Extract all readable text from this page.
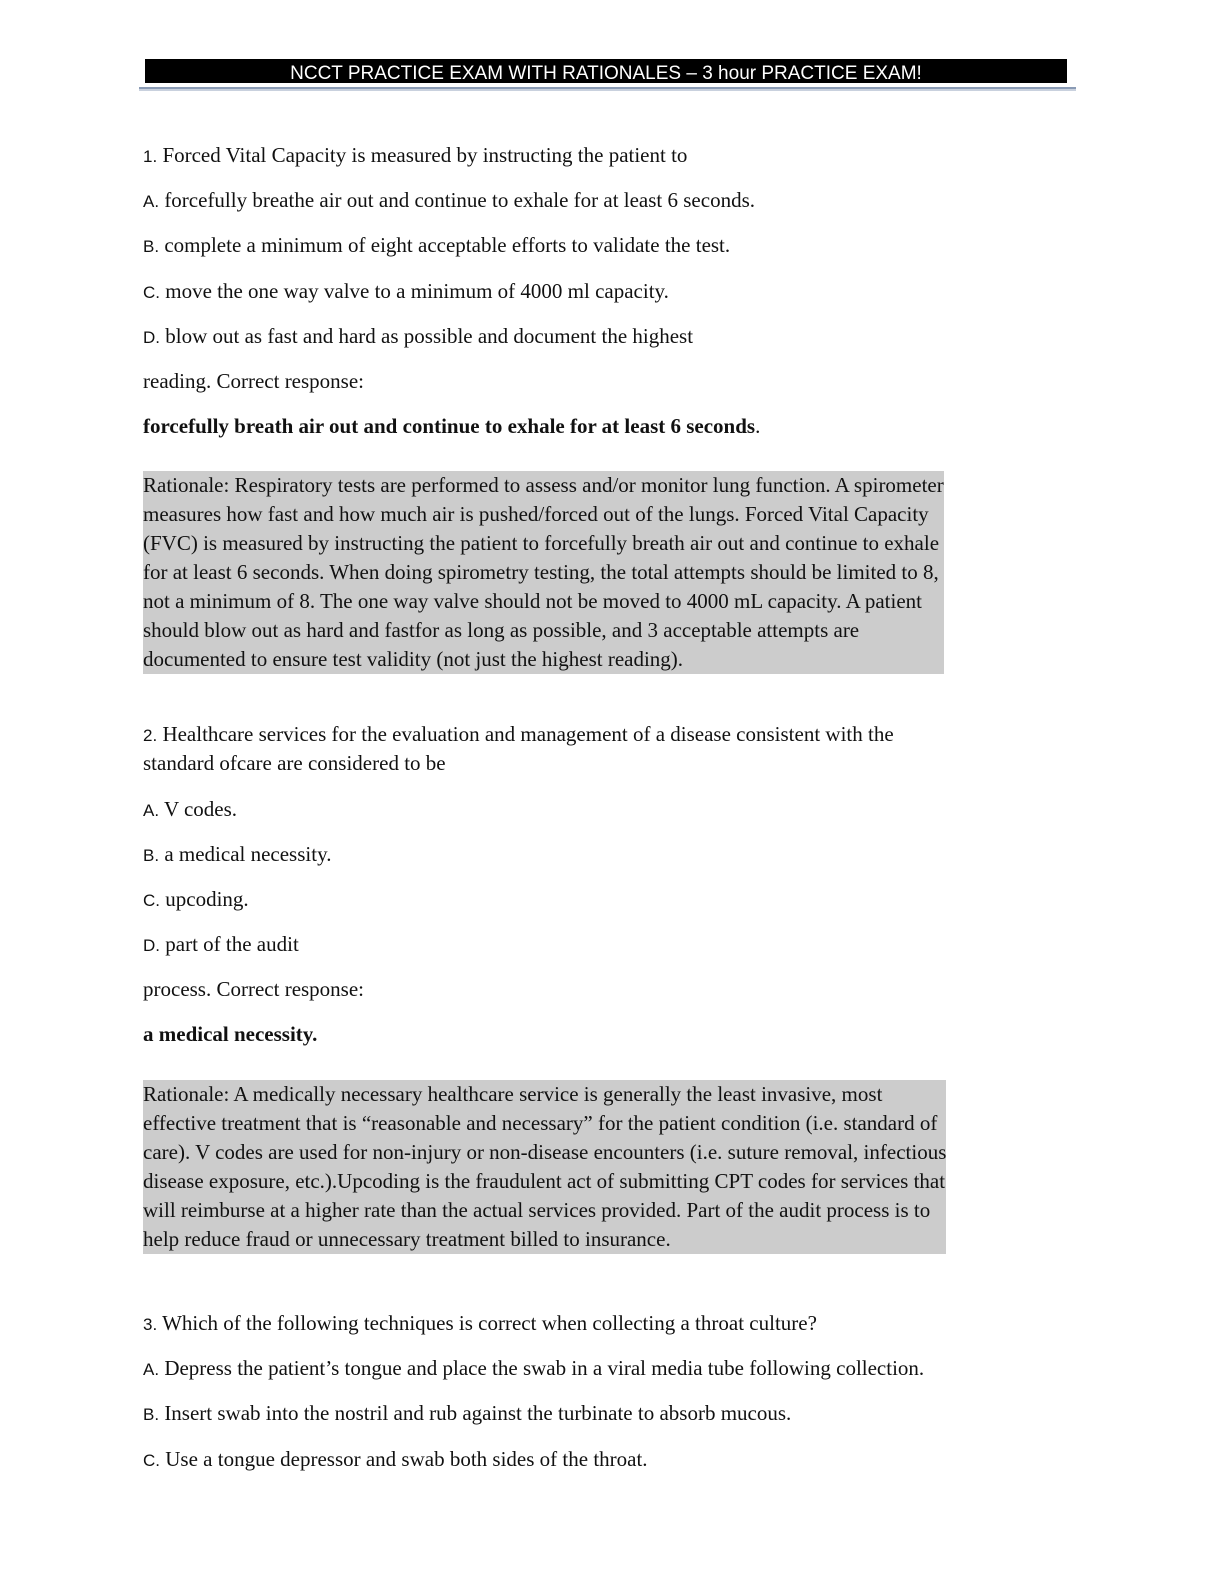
NCCT PRACTICE EXAM WITH RATIONALES – 3 hour PRACTICE EXAM!
1. Forced Vital Capacity is measured by instructing the patient to
A. forcefully breathe air out and continue to exhale for at least 6 seconds.
B. complete a minimum of eight acceptable efforts to validate the test.
C. move the one way valve to a minimum of 4000 ml capacity.
D. blow out as fast and hard as possible and document the highest
reading. Correct response:
forcefully breath air out and continue to exhale for at least 6 seconds.
Rationale: Respiratory tests are performed to assess and/or monitor lung function. A spirometer
measures how fast and how much air is pushed/forced out of the lungs. Forced Vital Capacity
(FVC) is measured by instructing the patient to forcefully breath air out and continue to exhale
for at least 6 seconds. When doing spirometry testing, the total attempts should be limited to 8,
not a minimum of 8. The one way valve should not be moved to 4000 mL capacity. A patient
should blow out as hard and fastfor as long as possible, and 3 acceptable attempts are
documented to ensure test validity (not just the highest reading).
2. Healthcare services for the evaluation and management of a disease consistent with the
standard ofcare are considered to be
A. V codes.
B. a medical necessity.
C. upcoding.
D. part of the audit
process. Correct response:
a medical necessity.
Rationale: A medically necessary healthcare service is generally the least invasive, most
effective treatment that is “reasonable and necessary” for the patient condition (i.e. standard of
care). V codes are used for non-injury or non-disease encounters (i.e. suture removal, infectious
disease exposure, etc.).Upcoding is the fraudulent act of submitting CPT codes for services that
will reimburse at a higher rate than the actual services provided. Part of the audit process is to
help reduce fraud or unnecessary treatment billed to insurance.
3. Which of the following techniques is correct when collecting a throat culture?
A. Depress the patient’s tongue and place the swab in a viral media tube following collection.
B. Insert swab into the nostril and rub against the turbinate to absorb mucous.
C. Use a tongue depressor and swab both sides of the throat.
